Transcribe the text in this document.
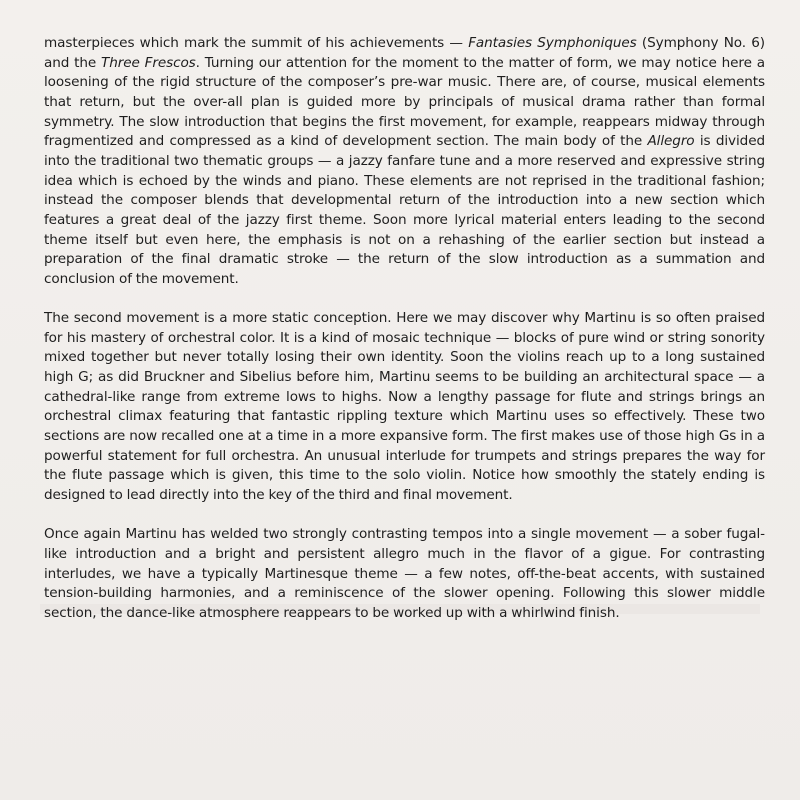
masterpieces which mark the summit of his achievements — Fantasies Symphoniques (Symphony No. 6) and the Three Frescos. Turning our attention for the moment to the matter of form, we may notice here a loosening of the rigid structure of the composer’s pre-war music. There are, of course, musical elements that return, but the over-all plan is guided more by principals of musical drama rather than formal symmetry. The slow introduction that begins the first movement, for example, reappears midway through fragmentized and compressed as a kind of development section. The main body of the Allegro is divided into the traditional two thematic groups — a jazzy fanfare tune and a more reserved and expressive string idea which is echoed by the winds and piano. These elements are not reprised in the traditional fashion; instead the composer blends that developmental return of the introduction into a new section which features a great deal of the jazzy first theme. Soon more lyrical material enters leading to the second theme itself but even here, the emphasis is not on a rehashing of the earlier section but instead a preparation of the final dramatic stroke — the return of the slow introduction as a summation and conclusion of the movement.

The second movement is a more static conception. Here we may discover why Martinu is so often praised for his mastery of orchestral color. It is a kind of mosaic technique — blocks of pure wind or string sonority mixed together but never totally losing their own identity. Soon the violins reach up to a long sustained high G; as did Bruckner and Sibelius before him, Martinu seems to be building an architectural space — a cathedral-like range from extreme lows to highs. Now a lengthy passage for flute and strings brings an orchestral climax featuring that fantastic rippling texture which Martinu uses so effectively. These two sections are now recalled one at a time in a more expansive form. The first makes use of those high Gs in a powerful statement for full orchestra. An unusual interlude for trumpets and strings prepares the way for the flute passage which is given, this time to the solo violin. Notice how smoothly the stately ending is designed to lead directly into the key of the third and final movement.

Once again Martinu has welded two strongly contrasting tempos into a single movement — a sober fugal-like introduction and a bright and persistent allegro much in the flavor of a gigue. For contrasting interludes, we have a typically Martinesque theme — a few notes, off-the-beat accents, with sustained tension-building harmonies, and a reminiscence of the slower opening. Following this slower middle section, the dance-like atmosphere reappears to be worked up with a whirlwind finish.
